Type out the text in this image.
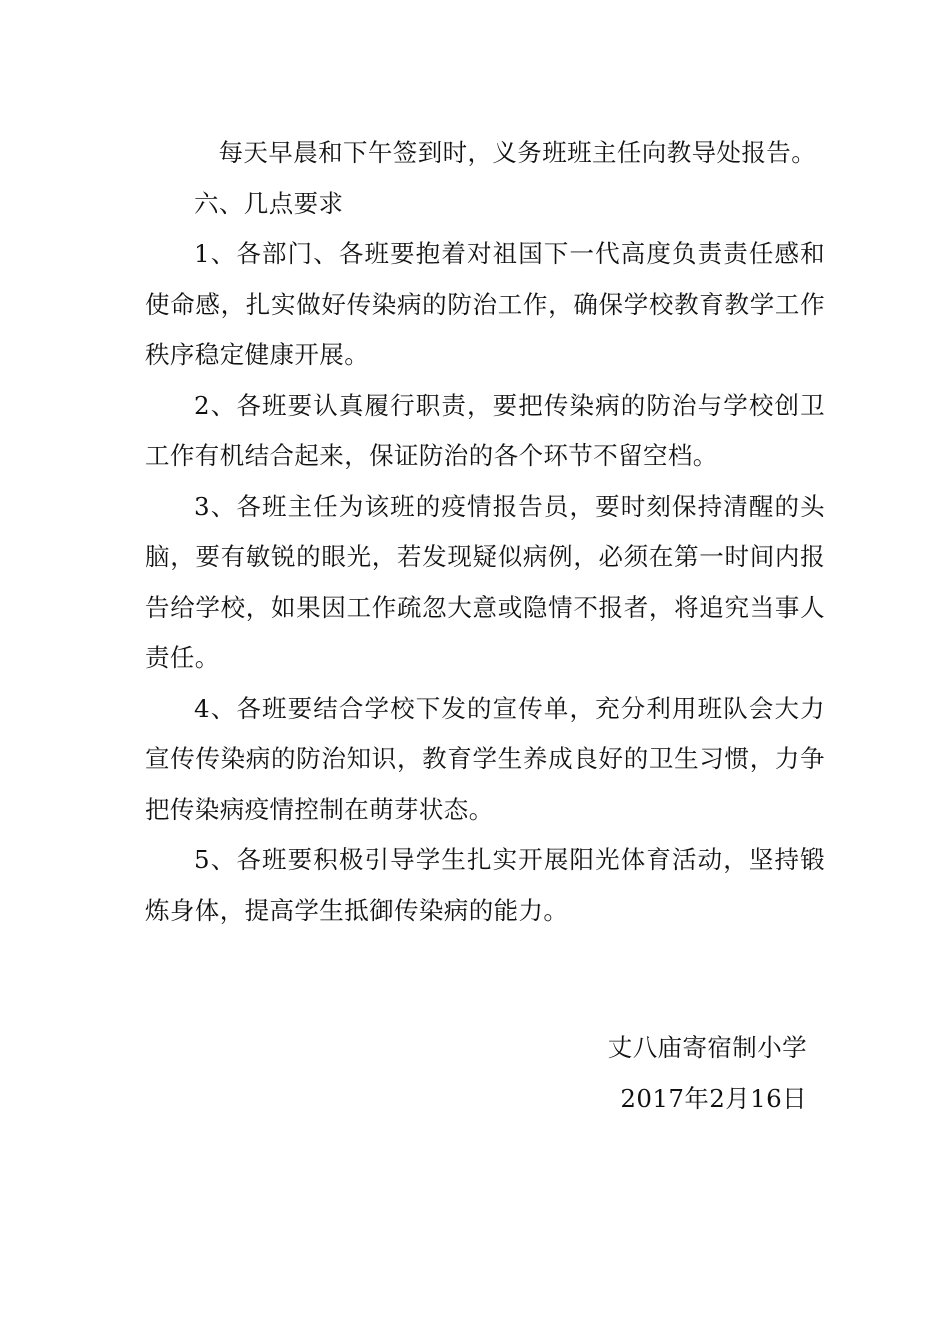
每天早晨和下午签到时，义务班班主任向教导处报告。

六、几点要求

1、各部门、各班要抱着对祖国下一代高度负责责任感和使命感，扎实做好传染病的防治工作，确保学校教育教学工作秩序稳定健康开展。

2、各班要认真履行职责，要把传染病的防治与学校创卫工作有机结合起来，保证防治的各个环节不留空档。

3、各班主任为该班的疫情报告员，要时刻保持清醒的头脑，要有敏锐的眼光，若发现疑似病例，必须在第一时间内报告给学校，如果因工作疏忽大意或隐情不报者，将追究当事人责任。

4、各班要结合学校下发的宣传单，充分利用班队会大力宣传传染病的防治知识，教育学生养成良好的卫生习惯，力争把传染病疫情控制在萌芽状态。

5、各班要积极引导学生扎实开展阳光体育活动，坚持锻炼身体，提高学生抵御传染病的能力。

丈八庙寄宿制小学
2017年2月16日
